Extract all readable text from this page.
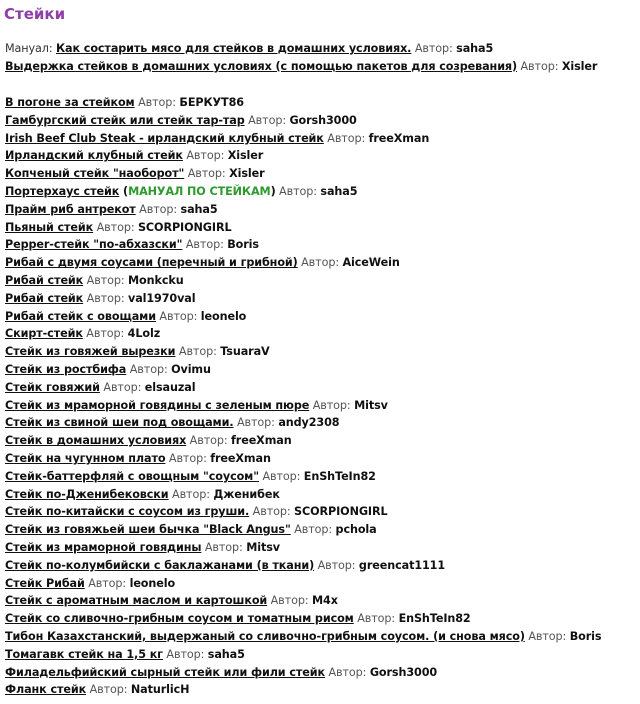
Стейки
Мануал: Как состарить мясо для стейков в домашних условиях. Автор: saha5
Выдержка стейков в домашних условиях (с помощью пакетов для созревания) Автор: Xisler
В погоне за стейком Автор: БЕРКУТ86
Гамбургский стейк или стейк тар-тар Автор: Gorsh3000
Irish Beef Club Steak - ирландский клубный стейк Автор: freeXman
Ирландский клубный стейк Автор: Xisler
Копченый стейк "наоборот" Автор: Xisler
Портерхаус стейк (МАНУАЛ ПО СТЕЙКАМ) Автор: saha5
Прайм риб антрекот Автор: saha5
Пьяный стейк Автор: SCORPIONGIRL
Pepper-стейк "по-абхазски" Автор: Boris
Рибай с двумя соусами (перечный и грибной) Автор: AiceWein
Рибай стейк Автор: Monkcku
Рибай стейк Автор: val1970val
Рибай стейк с овощами Автор: leonelo
Скирт-стейк Автор: 4Lolz
Стейк из говяжей вырезки Автор: TsuaraV
Стейк из ростбифа Автор: Ovimu
Стейк говяжий Автор: elsauzal
Стейк из мраморной говядины с зеленым пюре Автор: Mitsv
Стейк из свиной шеи под овощами. Автор: andy2308
Стейк в домашних условиях Автор: freeXman
Стейк на чугунном плато Автор: freeXman
Стейк-баттерфляй с овощным "соусом" Автор: EnShTeIn82
Стейк по-Дженибековски Автор: Дженибек
Стейк по-китайски с соусом из груши. Автор: SCORPIONGIRL
Стейк из говяжьей шеи бычка "Black Angus" Автор: pchola
Стейк из мраморной говядины Автор: Mitsv
Стейк по-колумбийски с баклажанами (в ткани) Автор: greencat1111
Стейк Рибай Автор: leonelo
Стейк с ароматным маслом и картошкой Автор: M4x
Стейк со сливочно-грибным соусом и томатным рисом Автор: EnShTeIn82
Тибон Казахстанский, выдержаный со сливочно-грибным соусом. (и снова мясо) Автор: Boris
Томагавк стейк на 1,5 кг Автор: saha5
Филадельфийский сырный стейк или фили стейк Автор: Gorsh3000
Фланк стейк Автор: NaturlicH
